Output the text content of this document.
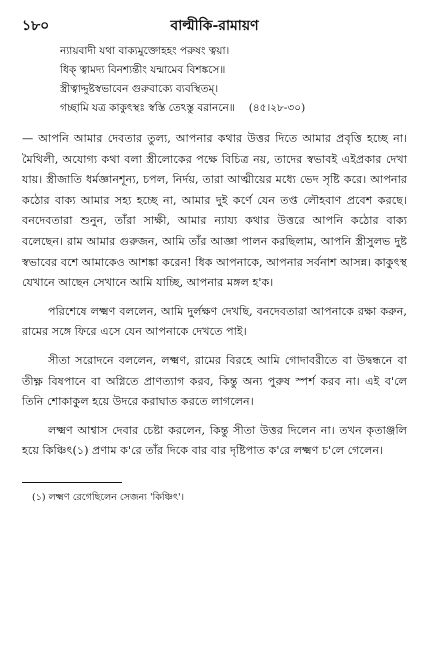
১৮০	বাল্মীকি-রামায়ণ
ন্যায়বাদী যথা বাক্যমুক্তোহহং পরুষং ত্বয়া।
ধিক্ ত্বামদ্য বিনশ্যন্তীং যন্মামেব বিশঙ্কসে॥
স্ত্রীত্বাদ্দুষ্টস্বভাবেন গুরুবাক্যে ব্যবস্থিতম্।
গচ্ছামি যত্র কাকুৎস্থঃ স্বস্তি তেঽস্তু বরাননে॥ (৪৫।২৮-৩০)

— আপনি আমার দেবতার তুল্য, আপনার কথার উত্তর দিতে আমার প্রবৃত্তি হচ্ছে না। মৈথিলী, অযোগ্য কথা বলা স্ত্রীলোকের পক্ষে বিচিত্র নয়, তাদের স্বভাবই এইপ্রকার দেখা যায়। স্ত্রীজাতি ধর্মজ্ঞানশূন্য, চপল, নির্দয়, তারা আত্মীয়ের মধ্যে ভেদ সৃষ্টি করে। আপনার কঠোর বাক্য আমার সহ্য হচ্ছে না, আমার দুই কর্ণে যেন তপ্ত লৌহবাণ প্রবেশ করছে। বনদেবতারা শুনুন, তাঁরা সাক্ষী, আমার ন্যায্য কথার উত্তরে আপনি কঠোর বাক্য বলেছেন। রাম আমার গুরুজন, আমি তাঁর আজ্ঞা পালন করছিলাম, আপনি স্ত্রীসুলভ দুষ্ট স্বভাবের বশে আমাকেও আশঙ্কা করেন! ধিক আপনাকে, আপনার সর্বনাশ আসন্ন। কাকুৎস্থ যেখানে আছেন সেখানে আমি যাচ্ছি, আপনার মঙ্গল হ'ক।

পরিশেষে লক্ষ্মণ বললেন, আমি দুর্লক্ষণ দেখছি, বনদেবতারা আপনাকে রক্ষা করুন, রামের সঙ্গে ফিরে এসে যেন আপনাকে দেখতে পাই।

সীতা সরোদনে বললেন, লক্ষ্মণ, রামের বিরহে আমি গোদাবরীতে বা উদ্বন্ধনে বা তীক্ষ্ণ বিষপানে বা অগ্নিতে প্রাণত্যাগ করব, কিন্তু অন্য পুরুষ স্পর্শ করব না। এই ব'লে তিনি শোকাকুল হয়ে উদরে করাঘাত করতে লাগলেন।

লক্ষ্মণ আশ্বাস দেবার চেষ্টা করলেন, কিন্তু সীতা উত্তর দিলেন না। তখন কৃতাঞ্জলি হয়ে কিঞ্চিৎ(১) প্রণাম ক'রে তাঁর দিকে বার বার দৃষ্টিপাত ক'রে লক্ষ্মণ চ'লে গেলেন।

(১) লক্ষ্মণ রেগেছিলেন সেজন্য 'কিঞ্চিৎ'।
